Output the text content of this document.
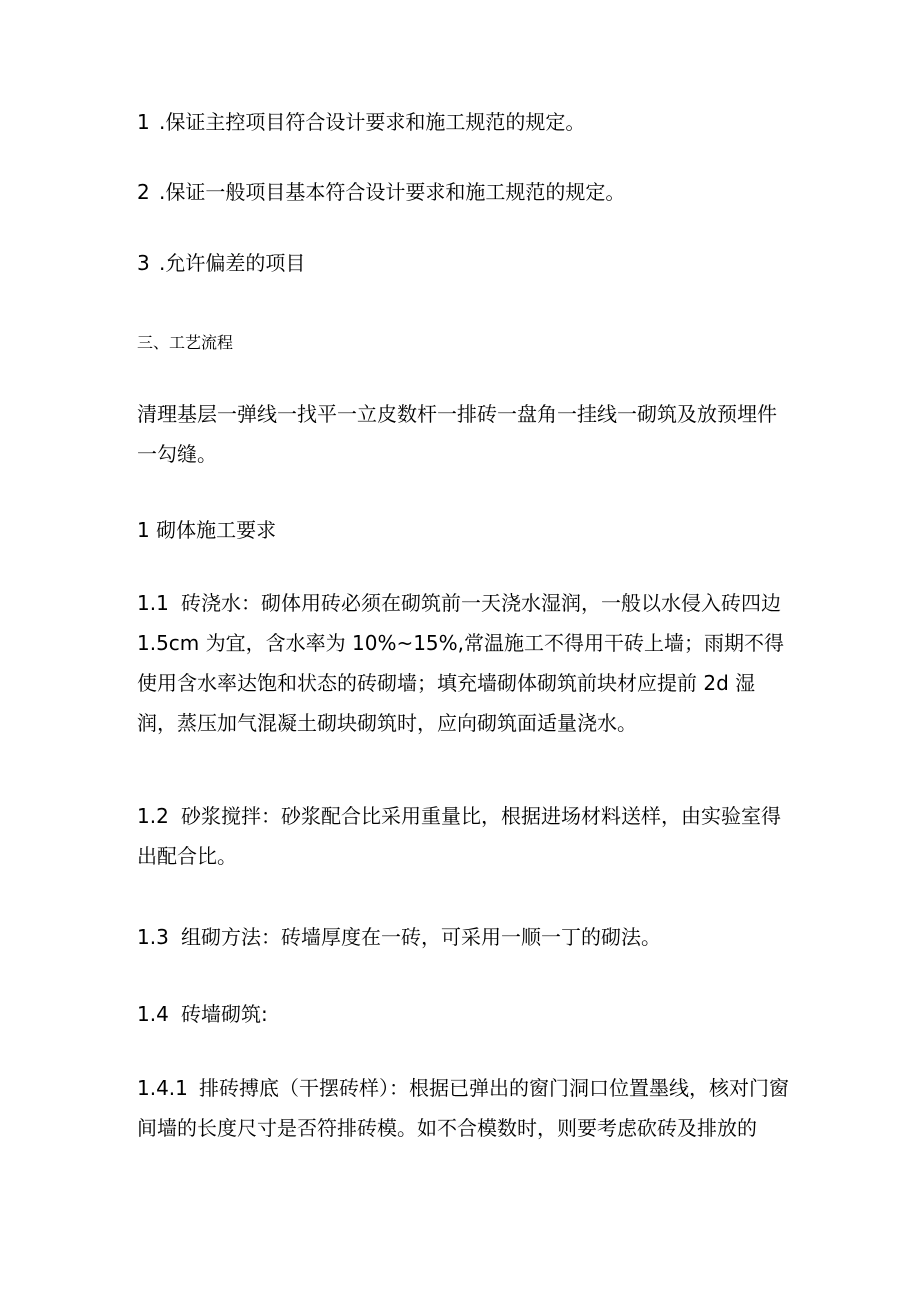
1 .保证主控项目符合设计要求和施工规范的规定。

2 .保证一般项目基本符合设计要求和施工规范的规定。

3 .允许偏差的项目

三、工艺流程

清理基层一弹线一找平一立皮数杆一排砖一盘角一挂线一砌筑及放预埋件一勾缝。

1 砌体施工要求

1.1 砖浇水：砌体用砖必须在砌筑前一天浇水湿润，一般以水侵入砖四边1.5cm 为宜，含水率为 10%~15%,常温施工不得用干砖上墙；雨期不得使用含水率达饱和状态的砖砌墙；填充墙砌体砌筑前块材应提前 2d 湿润，蒸压加气混凝土砌块砌筑时，应向砌筑面适量浇水。

1.2 砂浆搅拌：砂浆配合比采用重量比，根据进场材料送样，由实验室得出配合比。

1.3 组砌方法：砖墙厚度在一砖，可采用一顺一丁的砌法。

1.4 砖墙砌筑:

1.4.1 排砖搏底（干摆砖样）：根据已弹出的窗门洞口位置墨线，核对门窗间墙的长度尺寸是否符排砖模。如不合模数时，则要考虑砍砖及排放的
